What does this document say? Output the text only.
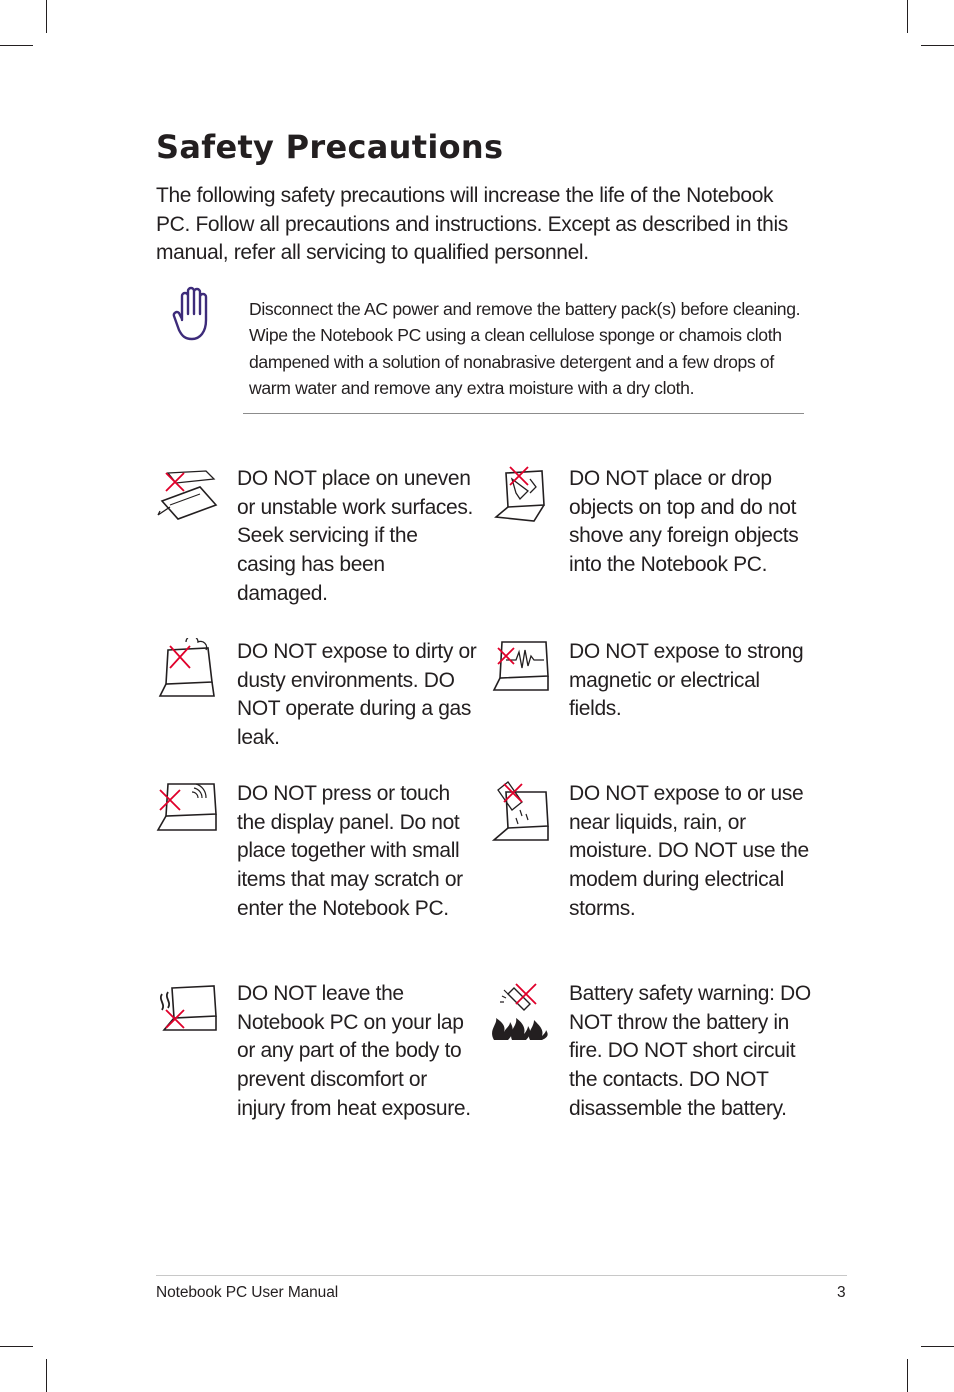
Safety Precautions

The following safety precautions will increase the life of the Notebook PC. Follow all precautions and instructions. Except as described in this manual, refer all servicing to qualified personnel.

Disconnect the AC power and remove the battery pack(s) before cleaning. Wipe the Notebook PC using a clean cellulose sponge or chamois cloth dampened with a solution of nonabrasive detergent and a few drops of warm water and remove any extra moisture with a dry cloth.

DO NOT place on uneven or unstable work surfaces. Seek servicing if the casing has been damaged.

DO NOT place or drop objects on top and do not shove any foreign objects into the Notebook PC.

DO NOT expose to dirty or dusty environments. DO NOT operate during a gas leak.

DO NOT expose to strong magnetic or electrical fields.

DO NOT press or touch the display panel. Do not place together with small items that may scratch or enter the Notebook PC.

DO NOT expose to or use near liquids, rain, or moisture. DO NOT use the modem during electrical storms.

DO NOT leave the Notebook PC on your lap or any part of the body to prevent discomfort or injury from heat exposure.

Battery safety warning: DO NOT throw the battery in fire. DO NOT short circuit the contacts. DO NOT disassemble the battery.

Notebook PC User Manual	3
